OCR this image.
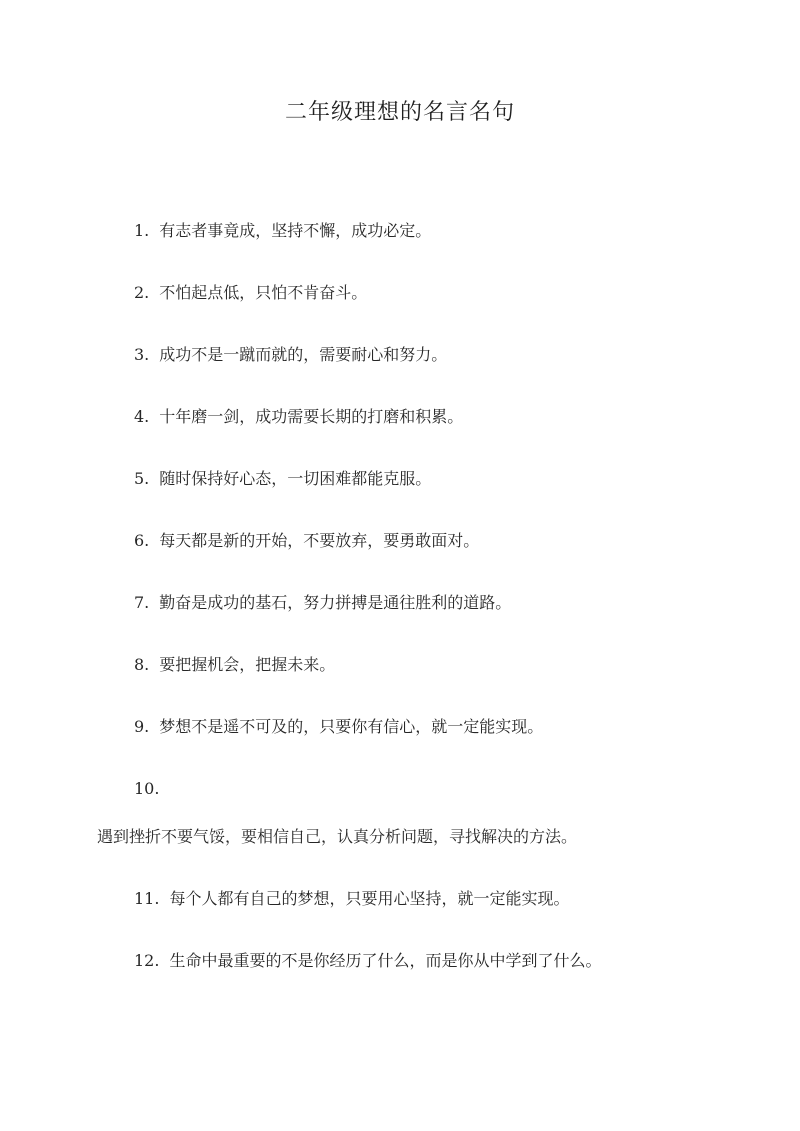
二年级理想的名言名句
1. 有志者事竟成，坚持不懈，成功必定。
2. 不怕起点低，只怕不肯奋斗。
3. 成功不是一蹴而就的，需要耐心和努力。
4. 十年磨一剑，成功需要长期的打磨和积累。
5. 随时保持好心态，一切困难都能克服。
6. 每天都是新的开始，不要放弃，要勇敢面对。
7. 勤奋是成功的基石，努力拼搏是通往胜利的道路。
8. 要把握机会，把握未来。
9. 梦想不是遥不可及的，只要你有信心，就一定能实现。
10.
遇到挫折不要气馁，要相信自己，认真分析问题，寻找解决的方法。
11. 每个人都有自己的梦想，只要用心坚持，就一定能实现。
12. 生命中最重要的不是你经历了什么，而是你从中学到了什么。
